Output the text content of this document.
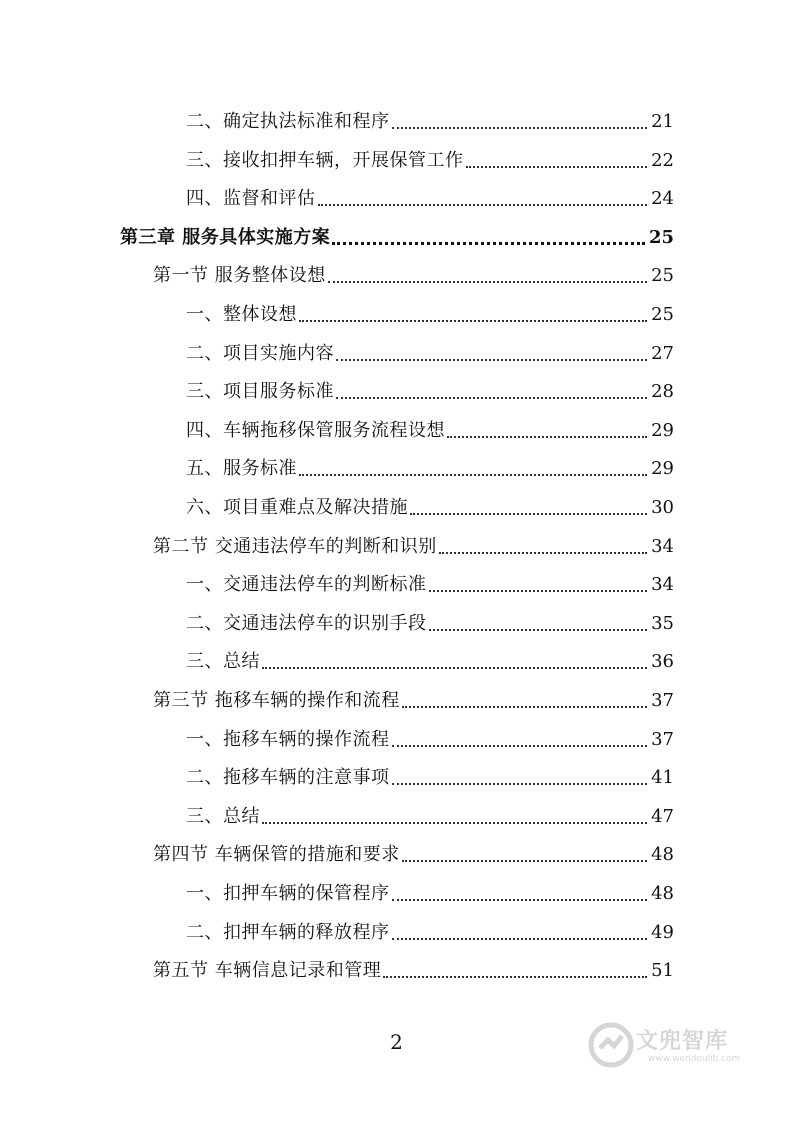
二、确定执法标准和程序	21
三、接收扣押车辆，开展保管工作	22
四、监督和评估	24
第三章 服务具体实施方案	25
第一节 服务整体设想	25
一、整体设想	25
二、项目实施内容	27
三、项目服务标准	28
四、车辆拖移保管服务流程设想	29
五、服务标准	29
六、项目重难点及解决措施	30
第二节 交通违法停车的判断和识别	34
一、交通违法停车的判断标准	34
二、交通违法停车的识别手段	35
三、总结	36
第三节 拖移车辆的操作和流程	37
一、拖移车辆的操作流程	37
二、拖移车辆的注意事项	41
三、总结	47
第四节 车辆保管的措施和要求	48
一、扣押车辆的保管程序	48
二、扣押车辆的释放程序	49
第五节 车辆信息记录和管理	51
2	文兜智库
www.wendoulib.com
